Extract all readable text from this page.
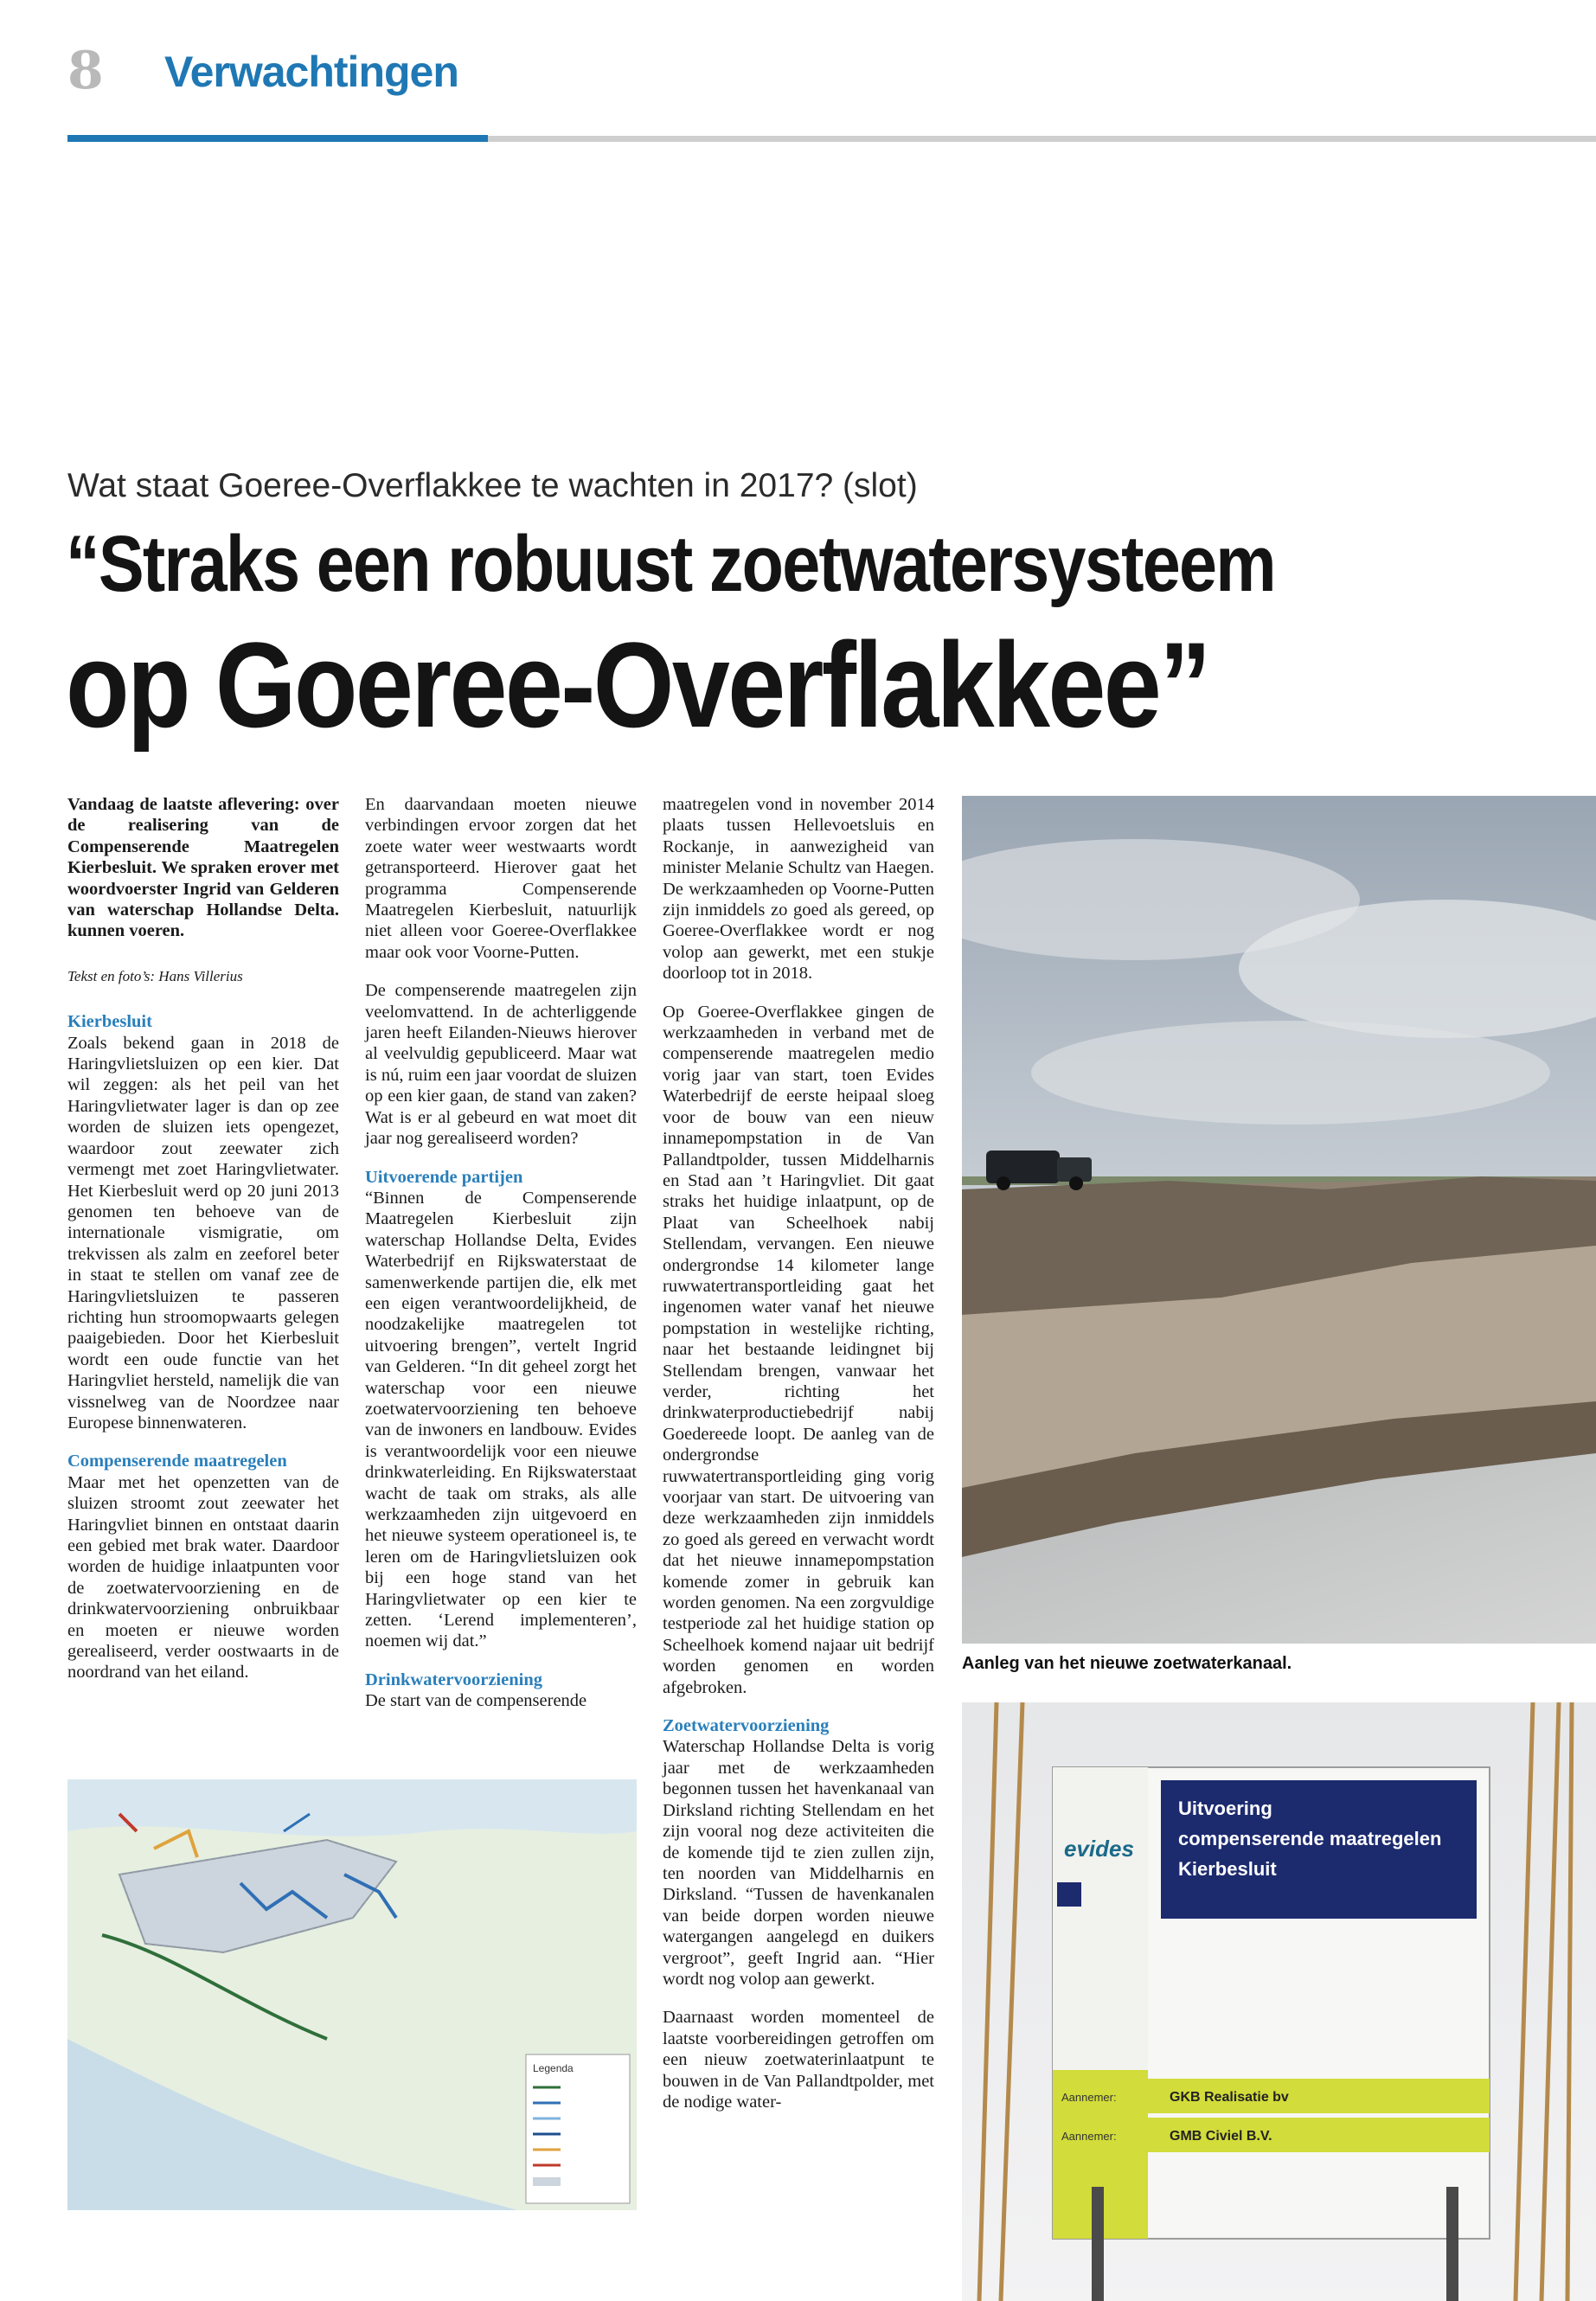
8 Verwachtingen
Wat staat Goeree-Overflakkee te wachten in 2017? (slot)
“Straks een robuust zoetwatersysteem
op Goeree-Overflakkee”

Vandaag de laatste aflevering: over de realisering van de Compenserende Maatregelen Kierbesluit. We spraken erover met woordvoerster Ingrid van Gelderen van waterschap Hollandse Delta. kunnen voeren.

Tekst en foto’s: Hans Villerius

Kierbesluit

Zoals bekend gaan in 2018 de Haringvlietsluizen op een kier. Dat wil zeggen: als het peil van het Haringvlietwater lager is dan op zee worden de sluizen iets opengezet, waardoor zout zeewater zich vermengt met zoet Haringvlietwater. Het Kierbesluit werd op 20 juni 2013 genomen ten behoeve van de internationale vismigratie, om trekvissen als zalm en zeeforel beter in staat te stellen om vanaf zee de Haringvlietsluizen te passeren richting hun stroomopwaarts gelegen paaigebieden. Door het Kierbesluit wordt een oude functie van het Haringvliet hersteld, namelijk die van vissnelweg van de Noordzee naar Europese binnenwateren.

Compenserende maatregelen

Maar met het openzetten van de sluizen stroomt zout zeewater het Haringvliet binnen en ontstaat daarin een gebied met brak water. Daardoor worden de huidige inlaatpunten voor de zoetwatervoorziening en de drinkwatervoorziening onbruikbaar en moeten er nieuwe worden gerealiseerd, verder oostwaarts in de noordrand van het eiland.

En daarvandaan moeten nieuwe verbindingen ervoor zorgen dat het zoete water weer westwaarts wordt getransporteerd. Hierover gaat het programma Compenserende Maatregelen Kierbesluit, natuurlijk niet alleen voor Goeree-Overflakkee maar ook voor Voorne-Putten.

De compenserende maatregelen zijn veelomvattend. In de achterliggende jaren heeft Eilanden-Nieuws hierover al veelvuldig gepubliceerd. Maar wat is nú, ruim een jaar voordat de sluizen op een kier gaan, de stand van zaken? Wat is er al gebeurd en wat moet dit jaar nog gerealiseerd worden?

Uitvoerende partijen

“Binnen de Compenserende Maatregelen Kierbesluit zijn waterschap Hollandse Delta, Evides Waterbedrijf en Rijkswaterstaat de samenwerkende partijen die, elk met een eigen verantwoordelijkheid, de noodzakelijke maatregelen tot uitvoering brengen”, vertelt Ingrid van Gelderen. “In dit geheel zorgt het waterschap voor een nieuwe zoetwatervoorziening ten behoeve van de inwoners en landbouw. Evides is verantwoordelijk voor een nieuwe drinkwaterleiding. En Rijkswaterstaat wacht de taak om straks, als alle werkzaamheden zijn uitgevoerd en het nieuwe systeem operationeel is, te leren om de Haringvlietsluizen ook bij een hoge stand van het Haringvlietwater op een kier te zetten. ‘Lerend implementeren’, noemen wij dat.”

Drinkwatervoorziening

De start van de compenserende

maatregelen vond in november 2014 plaats tussen Hellevoetsluis en Rockanje, in aanwezigheid van minister Melanie Schultz van Haegen. De werkzaamheden op Voorne-Putten zijn inmiddels zo goed als gereed, op Goeree-Overflakkee wordt er nog volop aan gewerkt, met een stukje doorloop tot in 2018.

Op Goeree-Overflakkee gingen de werkzaamheden in verband met de compenserende maatregelen medio vorig jaar van start, toen Evides Waterbedrijf de eerste heipaal sloeg voor de bouw van een nieuw innamepompstation in de Van Pallandtpolder, tussen Middelharnis en Stad aan ’t Haringvliet. Dit gaat straks het huidige inlaatpunt, op de Plaat van Scheelhoek nabij Stellendam, vervangen. Een nieuwe ondergrondse 14 kilometer lange ruwwatertransportleiding gaat het ingenomen water vanaf het nieuwe pompstation in westelijke richting, naar het bestaande leidingnet bij Stellendam brengen, vanwaar het verder, richting het drinkwaterproductiebedrijf nabij Goedereede loopt. De aanleg van de ondergrondse ruwwatertransportleiding ging vorig voorjaar van start. De uitvoering van deze werkzaamheden zijn inmiddels zo goed als gereed en verwacht wordt dat het nieuwe innamepompstation komende zomer in gebruik kan worden genomen. Na een zorgvuldige testperiode zal het huidige station op Scheelhoek komend najaar uit bedrijf worden genomen en worden afgebroken.

Zoetwatervoorziening

Waterschap Hollandse Delta is vorig jaar met de werkzaamheden begonnen tussen het havenkanaal van Dirksland richting Stellendam en het zijn vooral nog deze activiteiten die de komende tijd te zien zullen zijn, ten noorden van Middelharnis en Dirksland. “Tussen de havenkanalen van beide dorpen worden nieuwe watergangen aangelegd en duikers vergroot”, geeft Ingrid aan. “Hier wordt nog volop aan gewerkt.

Daarnaast worden momenteel de laatste voorbereidingen getroffen om een nieuw zoetwaterinlaatpunt te bouwen in de Van Pallandtpolder, met de nodige water-

Aanleg van het nieuwe zoetwaterkanaal.
Legenda
Uitvoering
compenserende maatregelen
Kierbesluit
evides
Aannemer:	GKB Realisatie bv
Aannemer:	GMB Civiel B.V.
